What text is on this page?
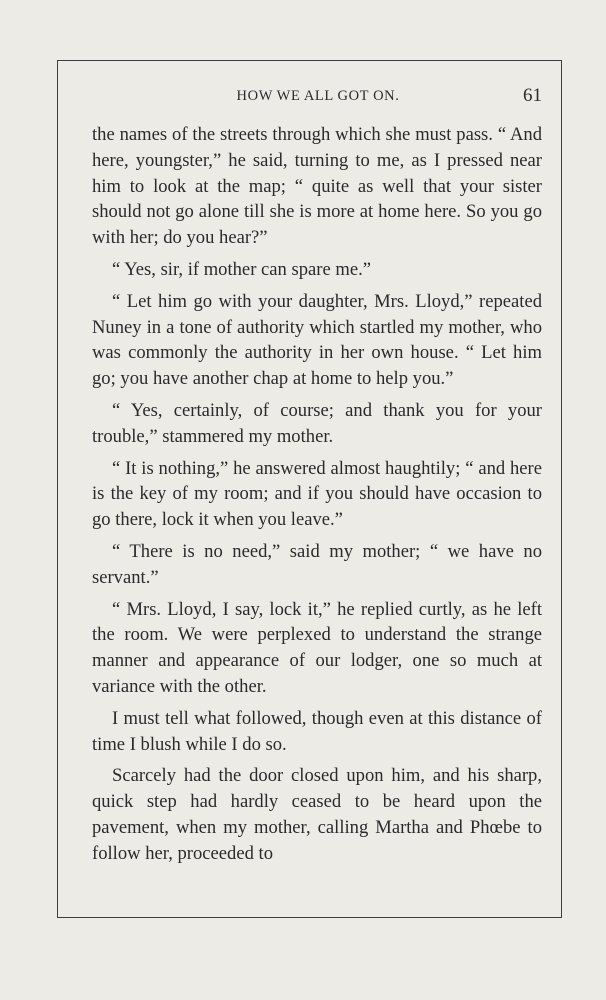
HOW WE ALL GOT ON.	61

the names of the streets through which she must pass. “ And here, youngster,” he said, turning to me, as I pressed near him to look at the map; “ quite as well that your sister should not go alone till she is more at home here. So you go with her; do you hear?”

“ Yes, sir, if mother can spare me.”

“ Let him go with your daughter, Mrs. Lloyd,” repeated Nuney in a tone of authority which startled my mother, who was commonly the authority in her own house. “ Let him go; you have another chap at home to help you.”

“ Yes, certainly, of course; and thank you for your trouble,” stammered my mother.

“ It is nothing,” he answered almost haughtily; “ and here is the key of my room; and if you should have occasion to go there, lock it when you leave.”

“ There is no need,” said my mother; “ we have no servant.”

“ Mrs. Lloyd, I say, lock it,” he replied curtly, as he left the room. We were perplexed to understand the strange manner and appearance of our lodger, one so much at variance with the other.

I must tell what followed, though even at this distance of time I blush while I do so.

Scarcely had the door closed upon him, and his sharp, quick step had hardly ceased to be heard upon the pavement, when my mother, calling Martha and Phœbe to follow her, proceeded to
